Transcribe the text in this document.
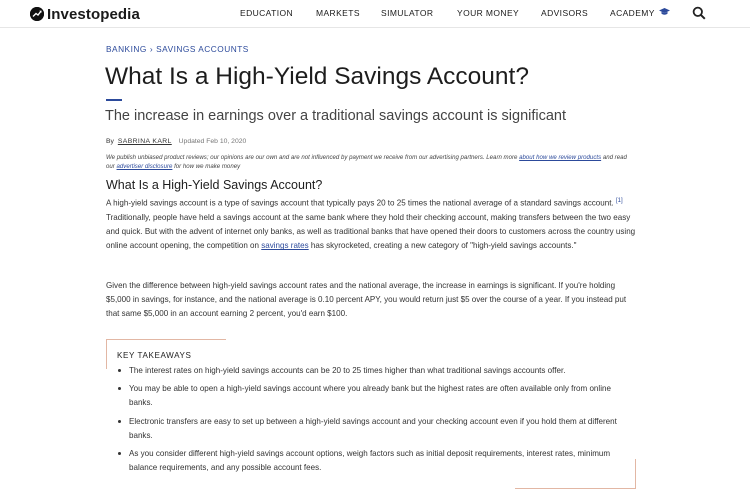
Investopedia	EDUCATION	MARKETS SIMULATOR	YOUR MONEY	ADVISORS	ACADEMY
BANKING › SAVINGS ACCOUNTS
What Is a High-Yield Savings Account?
The increase in earnings over a traditional savings account is significant
By SABRINA KARL Updated Feb 10, 2020
We publish unbiased product reviews; our opinions are our own and are not influenced by payment we receive from our advertising partners. Learn more about how we review products and read our advertiser disclosure for how we make money
What Is a High-Yield Savings Account?

A high-yield savings account is a type of savings account that typically pays 20 to 25 times the national average of a standard savings account. [1] Traditionally, people have held a savings account at the same bank where they hold their checking account, making transfers between the two easy and quick. But with the advent of internet only banks, as well as traditional banks that have opened their doors to customers across the country using online account opening, the competition on savings rates has skyrocketed, creating a new category of "high-yield savings accounts."

Given the difference between high-yield savings account rates and the national average, the increase in earnings is significant. If you're holding $5,000 in savings, for instance, and the national average is 0.10 percent APY, you would return just $5 over the course of a year. If you instead put that same $5,000 in an account earning 2 percent, you'd earn $100.

KEY TAKEAWAYS
The interest rates on high-yield savings accounts can be 20 to 25 times higher than what traditional savings accounts offer.
You may be able to open a high-yield savings account where you already bank but the highest rates are often available only from online banks.
Electronic transfers are easy to set up between a high-yield savings account and your checking account even if you hold them at different banks.
As you consider different high-yield savings account options, weigh factors such as initial deposit requirements, interest rates, minimum balance requirements, and any possible account fees.
